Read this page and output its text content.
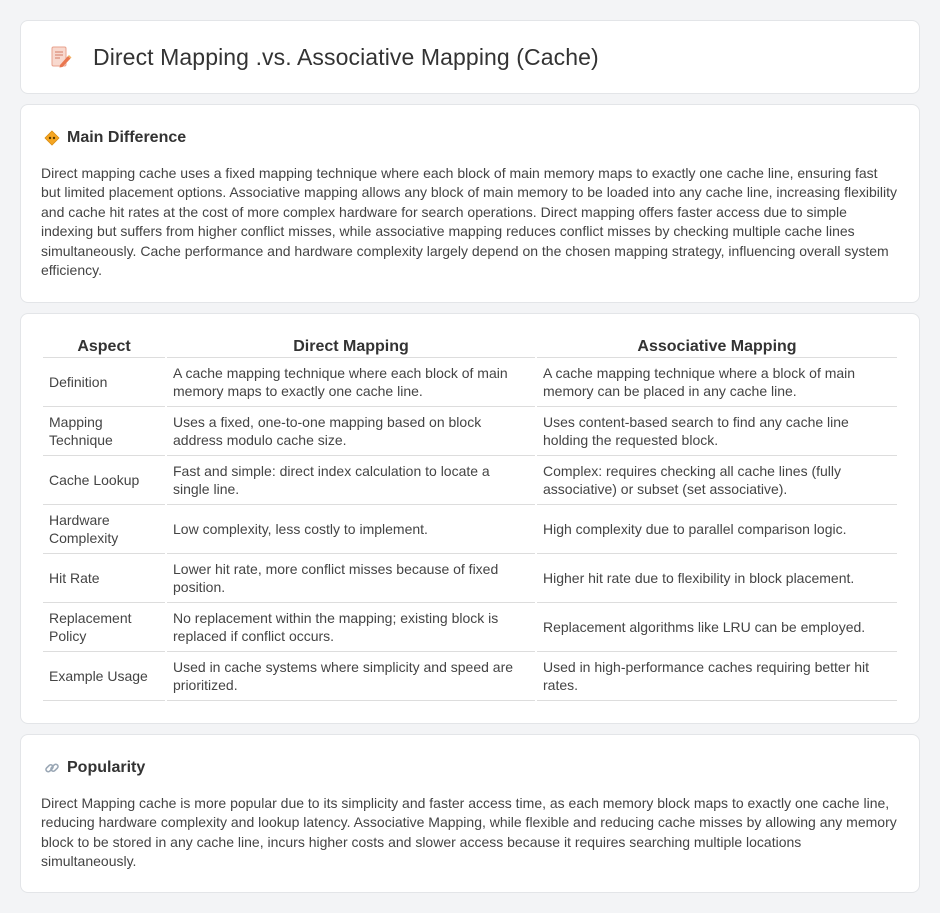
Direct Mapping .vs. Associative Mapping (Cache)
Main Difference

Direct mapping cache uses a fixed mapping technique where each block of main memory maps to exactly one cache line, ensuring fast but limited placement options. Associative mapping allows any block of main memory to be loaded into any cache line, increasing flexibility and cache hit rates at the cost of more complex hardware for search operations. Direct mapping offers faster access due to simple indexing but suffers from higher conflict misses, while associative mapping reduces conflict misses by checking multiple cache lines simultaneously. Cache performance and hardware complexity largely depend on the chosen mapping strategy, influencing overall system efficiency.

Aspect	Direct Mapping	Associative Mapping
Definition	A cache mapping technique where each block of main memory maps to exactly one cache line.	A cache mapping technique where a block of main memory can be placed in any cache line.
Mapping Technique	Uses a fixed, one-to-one mapping based on block address modulo cache size.	Uses content-based search to find any cache line holding the requested block.
Cache Lookup	Fast and simple: direct index calculation to locate a single line.	Complex: requires checking all cache lines (fully associative) or subset (set associative).
Hardware Complexity	Low complexity, less costly to implement.	High complexity due to parallel comparison logic.
Hit Rate	Lower hit rate, more conflict misses because of fixed position.	Higher hit rate due to flexibility in block placement.
Replacement Policy	No replacement within the mapping; existing block is replaced if conflict occurs.	Replacement algorithms like LRU can be employed.
Example Usage	Used in cache systems where simplicity and speed are prioritized.	Used in high-performance caches requiring better hit rates.
Popularity

Direct Mapping cache is more popular due to its simplicity and faster access time, as each memory block maps to exactly one cache line, reducing hardware complexity and lookup latency. Associative Mapping, while flexible and reducing cache misses by allowing any memory block to be stored in any cache line, incurs higher costs and slower access because it requires searching multiple locations simultaneously.
